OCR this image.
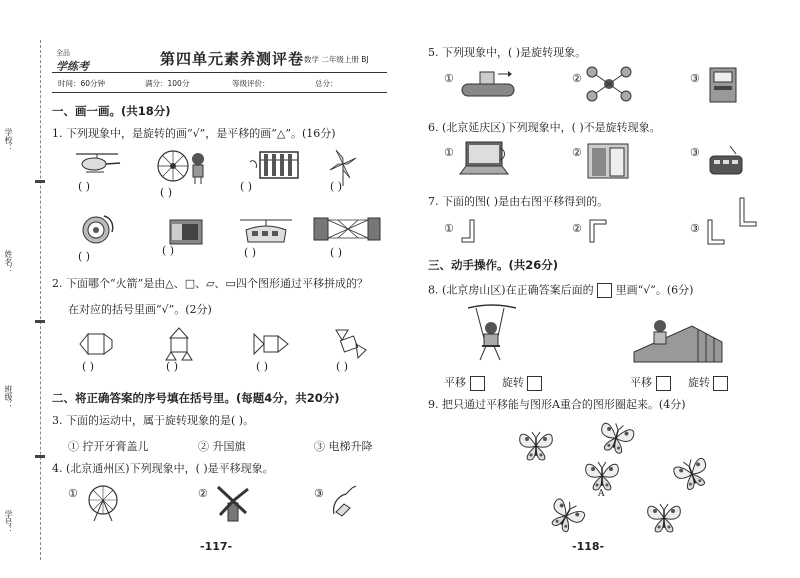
学校：
姓名：
班级：
学号：
全品
学练考	第四单元素养测评卷 数学 二年级上册 BJ
时间：60分钟	满分：100分	等级评价：	总分：
一、画一画。(共18分)
1. 下列现象中，是旋转的画“√”，是平移的画“△”。(16分)
( )	( )	( )	( )
( )	( )	( )	( )
2. 下面哪个“火箭”是由△、□、▱、▭四个图形通过平移拼成的？
在对应的括号里画“√”。(2分)
( )	( )	( )	( )
二、将正确答案的序号填在括号里。(每题4分，共20分)
3. 下面的运动中，属于旋转现象的是( )。
① 拧开牙膏盖儿	② 升国旗	③ 电梯升降
4. (北京通州区)下列现象中，( )是平移现象。
①	②	③
-117-
5. 下列现象中，( )是旋转现象。
①	②	③
6. (北京延庆区)下列现象中，( )不是旋转现象。
①	②	③
7. 下面的图( )是由右图平移得到的。
①	②	③
三、动手操作。(共26分)
8. (北京房山区)在正确答案后面的 里画“√”。(6分)
平移	旋转	平移	旋转
9. 把只通过平移能与图形A重合的图形圈起来。(4分)
A
-118-
